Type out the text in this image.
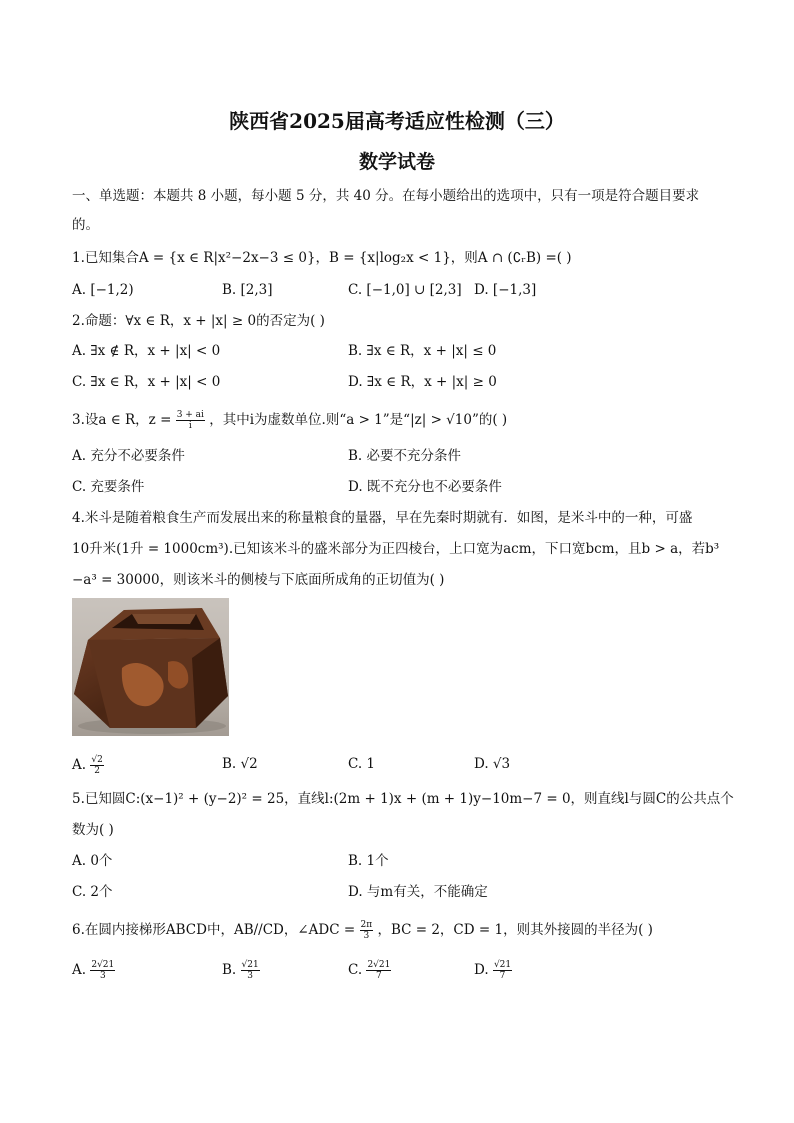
陕西省2025届高考适应性检测（三）
数学试卷
一、单选题：本题共 8 小题，每小题 5 分，共 40 分。在每小题给出的选项中，只有一项是符合题目要求
的。
1.已知集合A = {x ∈ R|x²−2x−3 ≤ 0}，B = {x|log₂x < 1}，则A ∩ (∁ᵣB) =( )
A. [−1,2)	B. [2,3]	C. [−1,0] ∪ [2,3] D. [−1,3]
2.命题：∀x ∈ R，x + |x| ≥ 0的否定为( )
A. ∃x ∉ R，x + |x| < 0	B. ∃x ∈ R，x + |x| ≤ 0
C. ∃x ∈ R，x + |x| < 0	D. ∃x ∈ R，x + |x| ≥ 0
3.设a ∈ R，$z = \frac{3 + ai}{i}$ ，其中i为虚数单位.则“a > 1”是“|z| > √10”的( )
A. 充分不必要条件	B. 必要不充分条件
C. 充要条件	D. 既不充分也不必要条件
4.米斗是随着粮食生产而发展出来的称量粮食的量器，早在先秦时期就有．如图，是米斗中的一种，可盛
10升米(1升 = 1000cm³).已知该米斗的盛米部分为正四棱台，上口宽为acm，下口宽bcm，且b > a，若b³
−a³ = 30000，则该米斗的侧棱与下底面所成角的正切值为( )
A. $\frac{√2}{2}$	B. √2	C. 1	D. √3
5.已知圆C:(x−1)² + (y−2)² = 25，直线l:(2m + 1)x + (m + 1)y−10m−7 = 0，则直线l与圆C的公共点个
数为( )
A. 0个	B. 1个
C. 2个	D. 与m有关，不能确定
6.在圆内接梯形ABCD中，AB//CD，∠ADC = $\frac{2\pi}{3}$ ，BC = 2，CD = 1，则其外接圆的半径为( )
A. $\frac{2√21}{3}$	B. $\frac{√21}{3}$	C. $\frac{2√21}{7}$	D. $\frac{√21}{7}$
